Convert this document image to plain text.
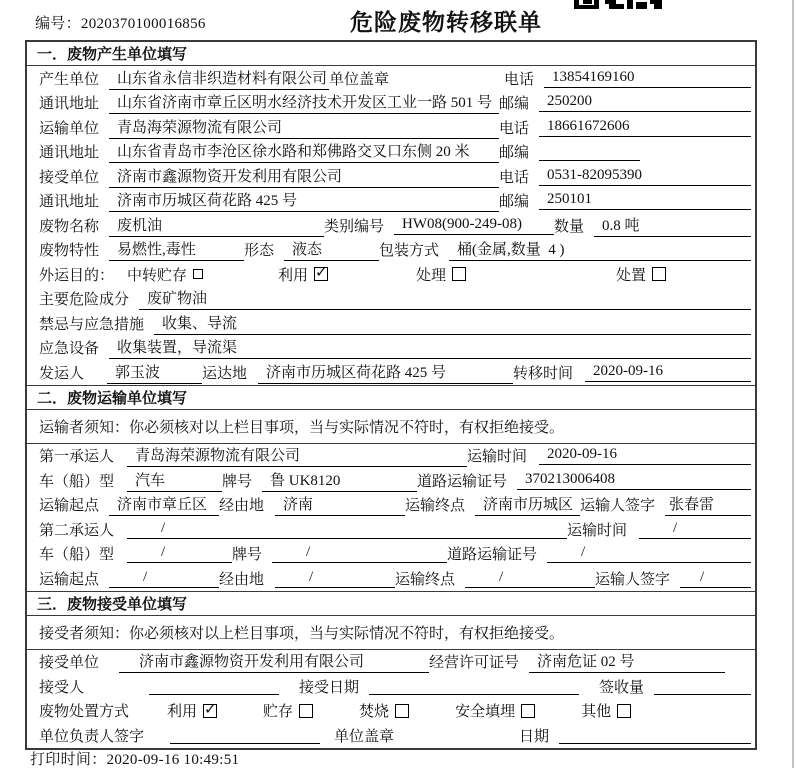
编号：2020370100016856	危险废物转移联单
一．废物产生单位填写
产生单位	山东省永信非织造材料有限公司 单位盖章	电话	13854169160
通讯地址	山东省济南市章丘区明水经济技术开发区工业一路 501 号 邮编	250200
运输单位	青岛海荣源物流有限公司	电话	18661672606
通讯地址	山东省青岛市李沧区徐水路和郑佛路交叉口东侧 20 米	邮编
接受单位	济南市鑫源物资开发利用有限公司	电话	0531-82095390
通讯地址	济南市历城区荷花路 425 号	邮编	250101
废物名称	废机油	类别编号	HW08(900-249-08)	数量	0.8 吨
废物特性	易燃性,毒性	形态	液态	包装方式	桶(金属,数量  4 )
外运目的： 中转贮存	利用 ✓	处理	处置
主要危险成分	废矿物油
禁忌与应急措施	收集、导流
应急设备	收集装置，导流渠
发运人	郭玉波	运达地	济南市历城区荷花路 425 号	转移时间	2020-09-16
二．废物运输单位填写
运输者须知：你必须核对以上栏目事项，当与实际情况不符时，有权拒绝接受。
第一承运人	青岛海荣源物流有限公司	运输时间	2020-09-16
车（船）型	汽车	牌号	鲁 UK8120	道路运输证号	370213006408
运输起点	济南市章丘区 经由地	济南	运输终点	济南市历城区 运输人签字 张春雷
第二承运人	/	运输时间	/
车（船）型	/	牌号	/	道路运输证号	/
运输起点	/	经由地	/	运输终点	/	运输人签字	/
三．废物接受单位填写
接受者须知：你必须核对以上栏目事项，当与实际情况不符时，有权拒绝接受。
接受单位	济南市鑫源物资开发利用有限公司	经营许可证号	济南危证 02 号
接受人	接受日期	签收量
废物处置方式	利用 ✓	贮存	焚烧	安全填埋	其他
单位负责人签字	单位盖章	日期
打印时间：2020-09-16 10:49:51
